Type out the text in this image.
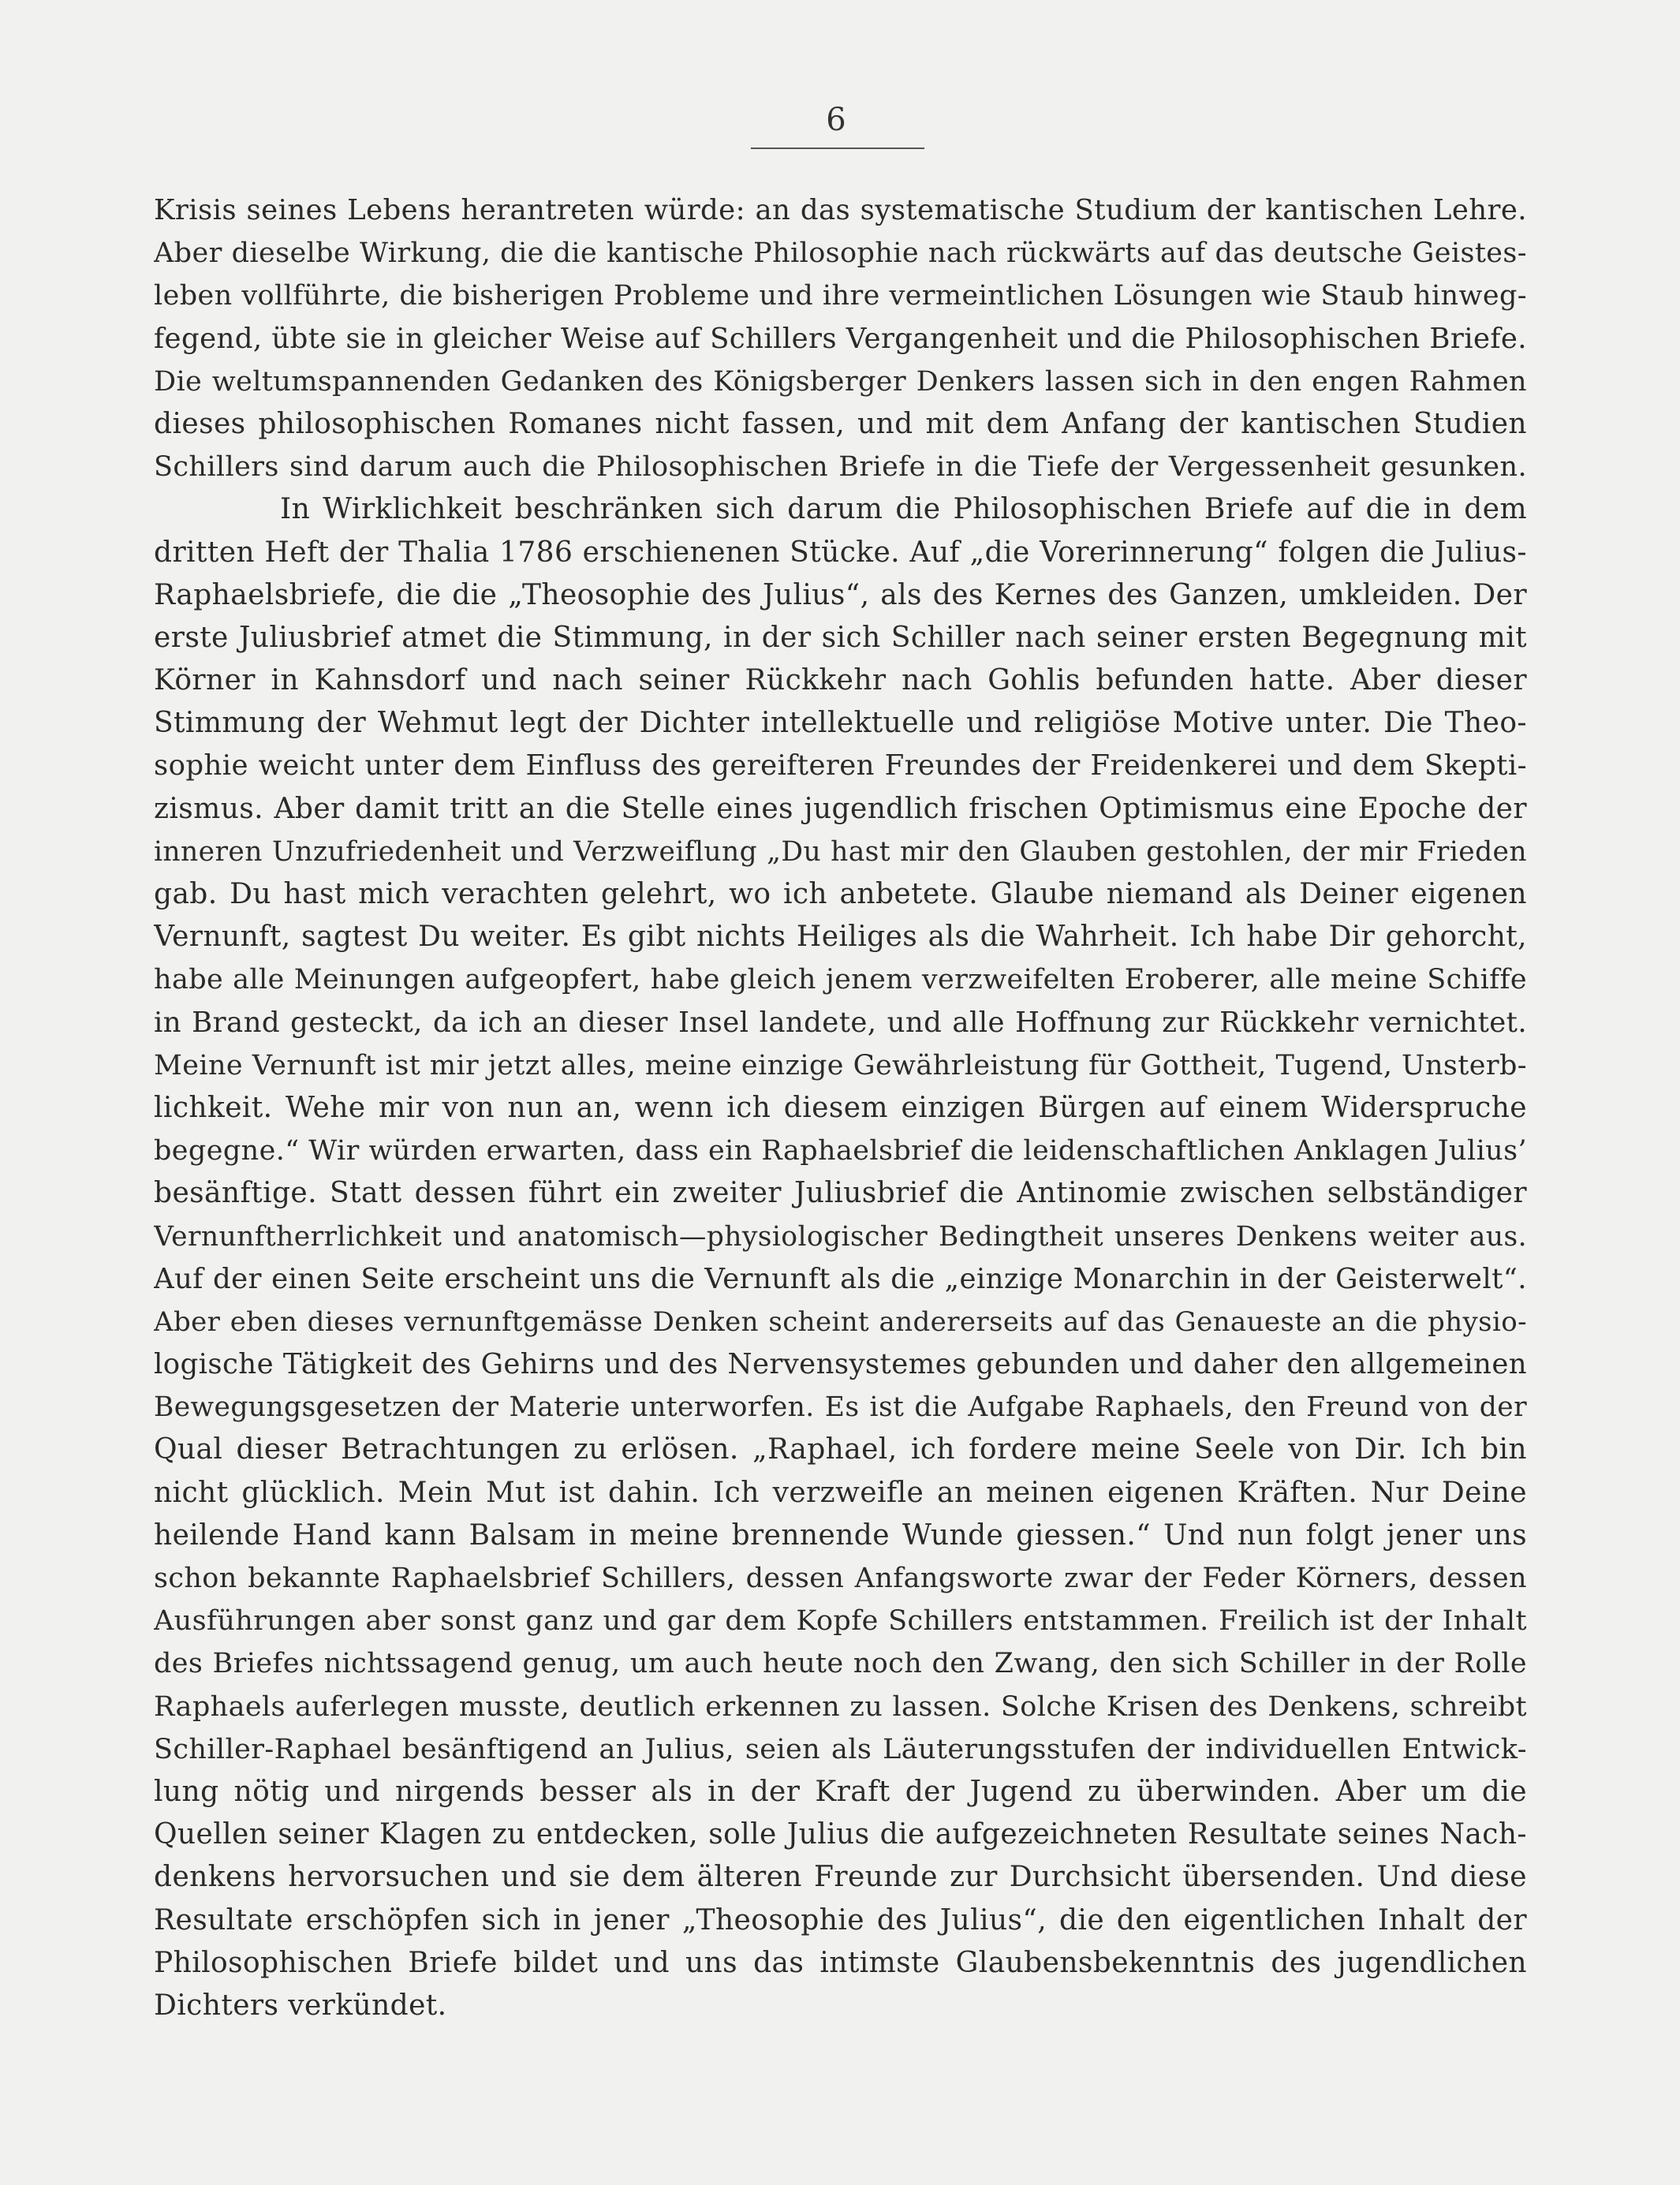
6
Krisis seines Lebens herantreten würde: an das systematische Studium der kantischen Lehre.
Aber dieselbe Wirkung, die die kantische Philosophie nach rückwärts auf das deutsche Geistes-
leben vollführte, die bisherigen Probleme und ihre vermeintlichen Lösungen wie Staub hinweg-
fegend, übte sie in gleicher Weise auf Schillers Vergangenheit und die Philosophischen Briefe.
Die weltumspannenden Gedanken des Königsberger Denkers lassen sich in den engen Rahmen
dieses philosophischen Romanes nicht fassen, und mit dem Anfang der kantischen Studien
Schillers sind darum auch die Philosophischen Briefe in die Tiefe der Vergessenheit gesunken.
In Wirklichkeit beschränken sich darum die Philosophischen Briefe auf die in dem
dritten Heft der Thalia 1786 erschienenen Stücke. Auf „die Vorerinnerung“ folgen die Julius-
Raphaelsbriefe, die die „Theosophie des Julius“, als des Kernes des Ganzen, umkleiden. Der
erste Juliusbrief atmet die Stimmung, in der sich Schiller nach seiner ersten Begegnung mit
Körner in Kahnsdorf und nach seiner Rückkehr nach Gohlis befunden hatte. Aber dieser
Stimmung der Wehmut legt der Dichter intellektuelle und religiöse Motive unter. Die Theo-
sophie weicht unter dem Einfluss des gereifteren Freundes der Freidenkerei und dem Skepti-
zismus. Aber damit tritt an die Stelle eines jugendlich frischen Optimismus eine Epoche der
inneren Unzufriedenheit und Verzweiflung „Du hast mir den Glauben gestohlen, der mir Frieden
gab. Du hast mich verachten gelehrt, wo ich anbetete. Glaube niemand als Deiner eigenen
Vernunft, sagtest Du weiter. Es gibt nichts Heiliges als die Wahrheit. Ich habe Dir gehorcht,
habe alle Meinungen aufgeopfert, habe gleich jenem verzweifelten Eroberer, alle meine Schiffe
in Brand gesteckt, da ich an dieser Insel landete, und alle Hoffnung zur Rückkehr vernichtet.
Meine Vernunft ist mir jetzt alles, meine einzige Gewährleistung für Gottheit, Tugend, Unsterb-
lichkeit. Wehe mir von nun an, wenn ich diesem einzigen Bürgen auf einem Widerspruche
begegne.“ Wir würden erwarten, dass ein Raphaelsbrief die leidenschaftlichen Anklagen Julius’
besänftige. Statt dessen führt ein zweiter Juliusbrief die Antinomie zwischen selbständiger
Vernunftherrlichkeit und anatomisch—physiologischer Bedingtheit unseres Denkens weiter aus.
Auf der einen Seite erscheint uns die Vernunft als die „einzige Monarchin in der Geisterwelt“.
Aber eben dieses vernunftgemässe Denken scheint andererseits auf das Genaueste an die physio-
logische Tätigkeit des Gehirns und des Nervensystemes gebunden und daher den allgemeinen
Bewegungsgesetzen der Materie unterworfen. Es ist die Aufgabe Raphaels, den Freund von der
Qual dieser Betrachtungen zu erlösen. „Raphael, ich fordere meine Seele von Dir. Ich bin
nicht glücklich. Mein Mut ist dahin. Ich verzweifle an meinen eigenen Kräften. Nur Deine
heilende Hand kann Balsam in meine brennende Wunde giessen.“ Und nun folgt jener uns
schon bekannte Raphaelsbrief Schillers, dessen Anfangsworte zwar der Feder Körners, dessen
Ausführungen aber sonst ganz und gar dem Kopfe Schillers entstammen. Freilich ist der Inhalt
des Briefes nichtssagend genug, um auch heute noch den Zwang, den sich Schiller in der Rolle
Raphaels auferlegen musste, deutlich erkennen zu lassen. Solche Krisen des Denkens, schreibt
Schiller-Raphael besänftigend an Julius, seien als Läuterungsstufen der individuellen Entwick-
lung nötig und nirgends besser als in der Kraft der Jugend zu überwinden. Aber um die
Quellen seiner Klagen zu entdecken, solle Julius die aufgezeichneten Resultate seines Nach-
denkens hervorsuchen und sie dem älteren Freunde zur Durchsicht übersenden. Und diese
Resultate erschöpfen sich in jener „Theosophie des Julius“, die den eigentlichen Inhalt der
Philosophischen Briefe bildet und uns das intimste Glaubensbekenntnis des jugendlichen
Dichters verkündet.
